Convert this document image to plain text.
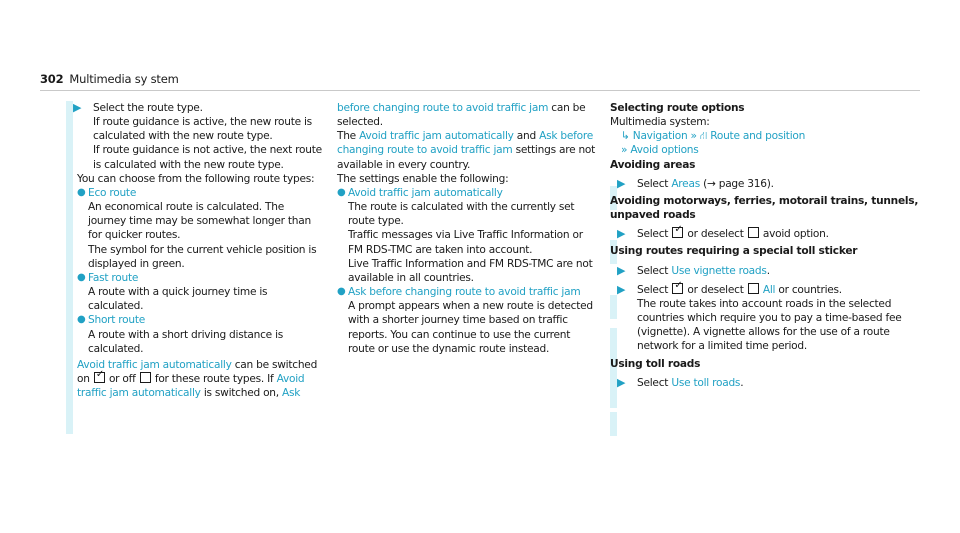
302 Multimedia sy stem
▶ Select the route type.
If route guidance is active, the new route is calculated with the new route type.
If route guidance is not active, the next route is calculated with the new route type.
You can choose from the following route types:
● Eco route
An economical route is calculated. The journey time may be somewhat longer than for quicker routes.
The symbol for the current vehicle position is displayed in green.
● Fast route
A route with a quick journey time is calculated.
● Short route
A route with a short driving distance is calculated.
Avoid traffic jam automatically can be switched on ✓ or off  for these route types. If Avoid traffic jam automatically is switched on, Ask
before changing route to avoid traffic jam can be selected.
The Avoid traffic jam automatically and Ask before changing route to avoid traffic jam settings are not available in every country.
The settings enable the following:
● Avoid traffic jam automatically
The route is calculated with the currently set route type.
Traffic messages via Live Traffic Information or FM RDS-TMC are taken into account.
Live Traffic Information and FM RDS-TMC are not available in all countries.
● Ask before changing route to avoid traffic jam
A prompt appears when a new route is detected with a shorter journey time based on traffic reports. You can continue to use the current route or use the dynamic route instead.
Selecting route options
Multimedia system:
↳ Navigation » ⛙ Route and position
» Avoid options
Avoiding areas
▶ Select Areas (→ page 316).
Avoiding motorways, ferries, motorail trains, tunnels, unpaved roads
▶ Select ✓ or deselect  avoid option.
Using routes requiring a special toll sticker
▶ Select Use vignette roads.
▶ Select ✓ or deselect  All or countries.
The route takes into account roads in the selected countries which require you to pay a time-based fee (vignette). A vignette allows for the use of a route network for a limited time period.
Using toll roads
▶ Select Use toll roads.
